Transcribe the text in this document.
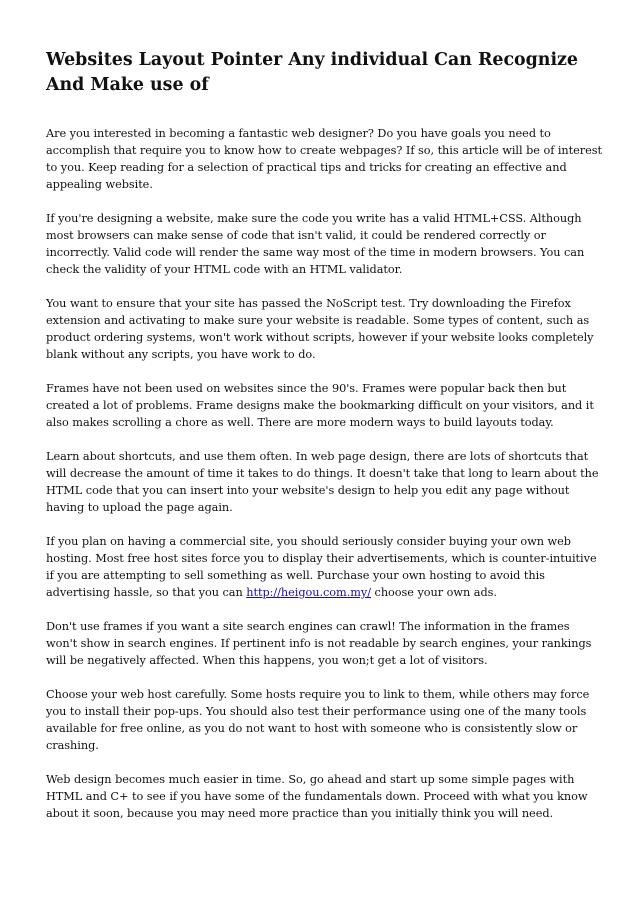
Websites Layout Pointer Any individual Can Recognize And Make use of

Are you interested in becoming a fantastic web designer? Do you have goals you need to accomplish that require you to know how to create webpages? If so, this article will be of interest to you. Keep reading for a selection of practical tips and tricks for creating an effective and appealing website.

If you're designing a website, make sure the code you write has a valid HTML+CSS. Although most browsers can make sense of code that isn't valid, it could be rendered correctly or incorrectly. Valid code will render the same way most of the time in modern browsers. You can check the validity of your HTML code with an HTML validator.

You want to ensure that your site has passed the NoScript test. Try downloading the Firefox extension and activating to make sure your website is readable. Some types of content, such as product ordering systems, won't work without scripts, however if your website looks completely blank without any scripts, you have work to do.

Frames have not been used on websites since the 90's. Frames were popular back then but created a lot of problems. Frame designs make the bookmarking difficult on your visitors, and it also makes scrolling a chore as well. There are more modern ways to build layouts today.

Learn about shortcuts, and use them often. In web page design, there are lots of shortcuts that will decrease the amount of time it takes to do things. It doesn't take that long to learn about the HTML code that you can insert into your website's design to help you edit any page without having to upload the page again.

If you plan on having a commercial site, you should seriously consider buying your own web hosting. Most free host sites force you to display their advertisements, which is counter-intuitive if you are attempting to sell something as well. Purchase your own hosting to avoid this advertising hassle, so that you can http://heigou.com.my/ choose your own ads.

Don't use frames if you want a site search engines can crawl! The information in the frames won't show in search engines. If pertinent info is not readable by search engines, your rankings will be negatively affected. When this happens, you won;t get a lot of visitors.

Choose your web host carefully. Some hosts require you to link to them, while others may force you to install their pop-ups. You should also test their performance using one of the many tools available for free online, as you do not want to host with someone who is consistently slow or crashing.

Web design becomes much easier in time. So, go ahead and start up some simple pages with HTML and C+ to see if you have some of the fundamentals down. Proceed with what you know about it soon, because you may need more practice than you initially think you will need.
